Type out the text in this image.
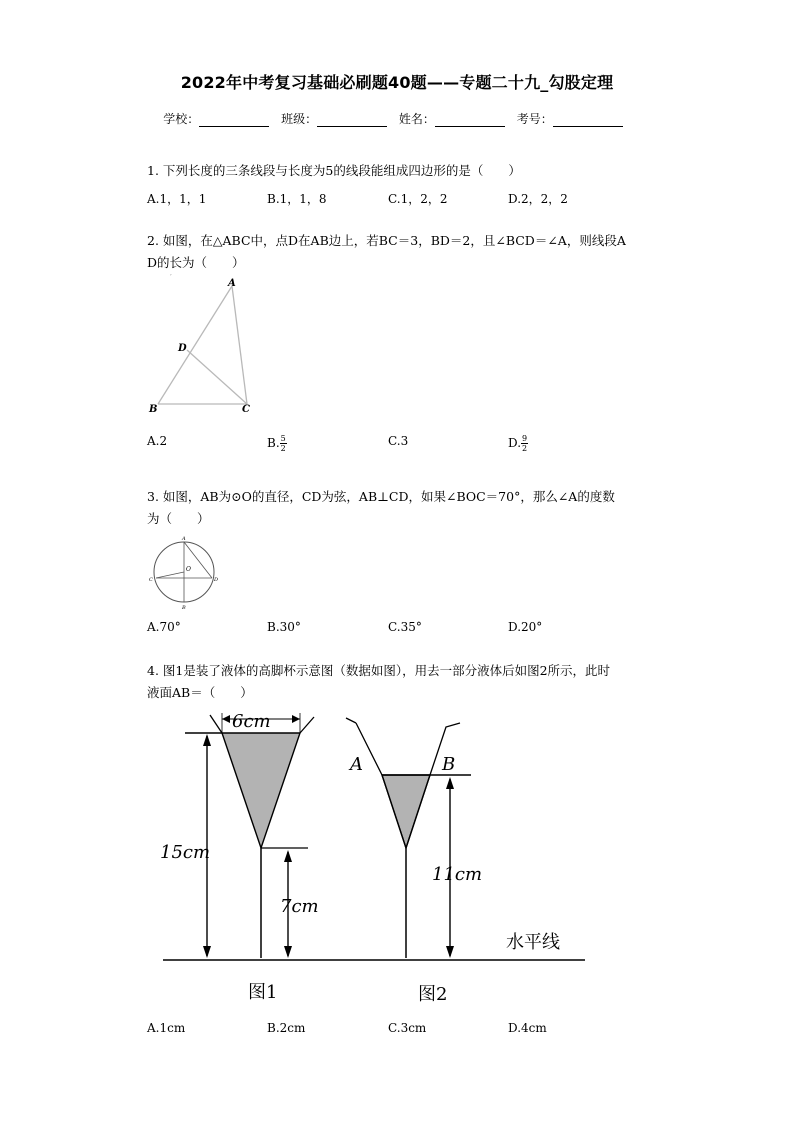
2022年中考复习基础必刷题40题——专题二十九_勾股定理
学校：	班级：	姓名：	考号：
1. 下列长度的三条线段与长度为5的线段能组成四边形的是（　　）
A.1，1，1	B.1，1，8	C.1，2，2	D.2，2，2
2. 如图，在△ABC中，点D在AB边上，若BC＝3，BD＝2，且∠BCD＝∠A，则线段A
D的长为（　　）
A
D
B	C
′
A.2	B. $\frac{5}{2}$	C.3	D. $\frac{9}{2}$
3. 如图，AB为⊙O的直径，CD为弦，AB⊥CD，如果∠BOC＝70°，那么∠A的度数
为（　　）
A
O
C	D
B
A.70°	B.30°	C.35°	D.20°
4. 图1是装了液体的高脚杯示意图（数据如图），用去一部分液体后如图2所示，此时
液面AB＝（　　）
6cm
15cm
7cm
A	B
11cm
水平线
图1	图2
A.1cm	B.2cm	C.3cm	D.4cm
